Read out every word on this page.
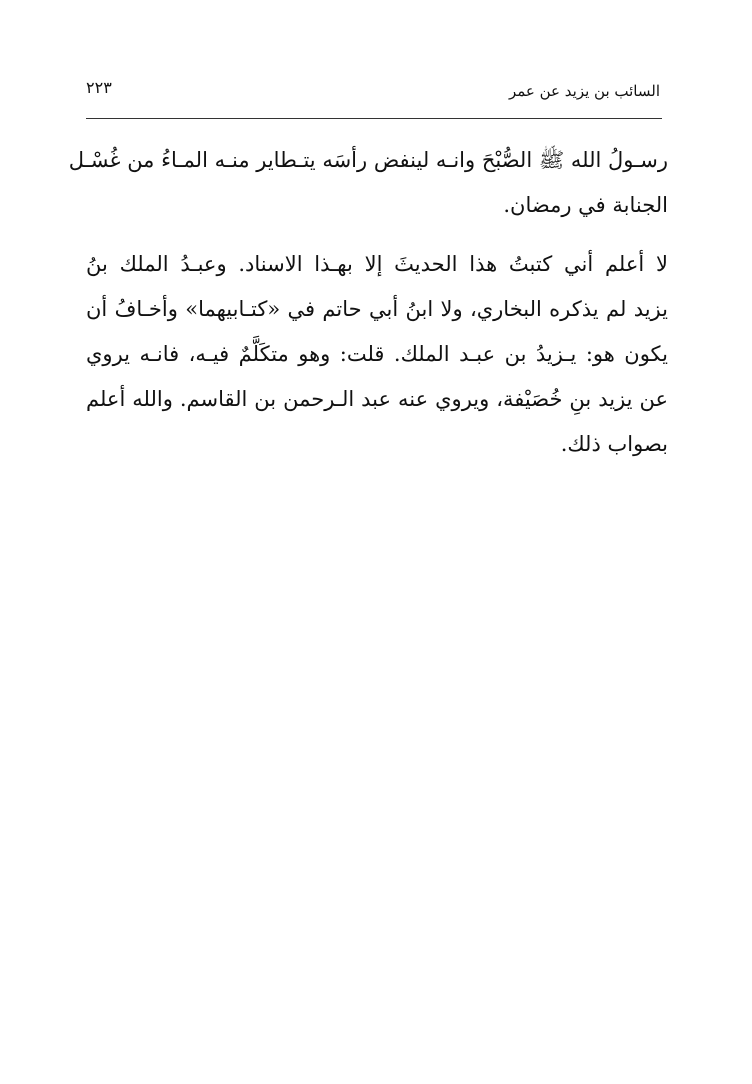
٢٢٣	السائب بن يزيد عن عمر

رسـولُ الله ﷺ الصُّبْحَ وانـه لينفض رأسَه يتـطاير منـه المـاءُ من غُسْـل
الجنابة في رمضان.

لا أعلم أني كتبتُ هذا الحديثَ إلا بهـذا الاسناد. وعبـدُ الملك بنُ
يزيد لم يذكره البخاري، ولا ابنُ أبي حاتم في «كتـابيهما» وأخـافُ أن
يكون هو: يـزيدُ بن عبـد الملك. قلت: وهو متكَلَّمٌ فيـه، فانـه يروي
عن يزيد بنِ خُصَيْفة، ويروي عنه عبد الـرحمن بن القاسم. والله أعلم
بصواب ذلك.
